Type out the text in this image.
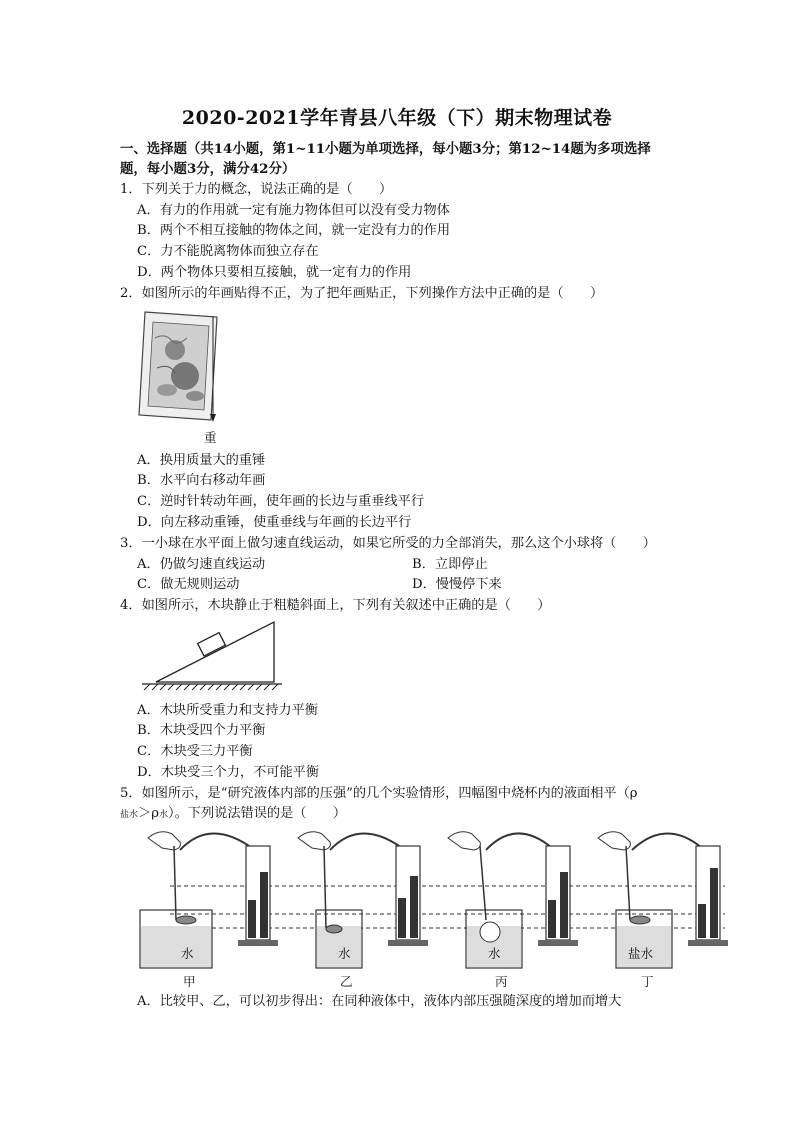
2020-2021学年青县八年级（下）期末物理试卷
一、选择题（共14小题，第1~11小题为单项选择，每小题3分；第12~14题为多项选择
题，每小题3分，满分42分）
1．下列关于力的概念，说法正确的是（　　）
A．有力的作用就一定有施力物体但可以没有受力物体
B．两个不相互接触的物体之间，就一定没有力的作用
C．力不能脱离物体而独立存在
D．两个物体只要相互接触，就一定有力的作用
2．如图所示的年画贴得不正，为了把年画贴正，下列操作方法中正确的是（　　）
重
A．换用质量大的重锤
B．水平向右移动年画
C．逆时针转动年画，使年画的长边与重垂线平行
D．向左移动重锤，使重垂线与年画的长边平行
3．一小球在水平面上做匀速直线运动，如果它所受的力全部消失，那么这个小球将（　　）
A．仍做匀速直线运动	B．立即停止
C．做无规则运动	D．慢慢停下来
4．如图所示，木块静止于粗糙斜面上，下列有关叙述中正确的是（　　）
A．木块所受重力和支持力平衡
B．木块受四个力平衡
C．木块受三力平衡
D．木块受三个力，不可能平衡
5．如图所示，是“研究液体内部的压强”的几个实验情形，四幅图中烧杯内的液面相平（ρ
盐水＞ρ水）。下列说法错误的是（　　）
水	水	水	盐水
甲	乙	丙	丁
A．比较甲、乙，可以初步得出：在同种液体中，液体内部压强随深度的增加而增大
